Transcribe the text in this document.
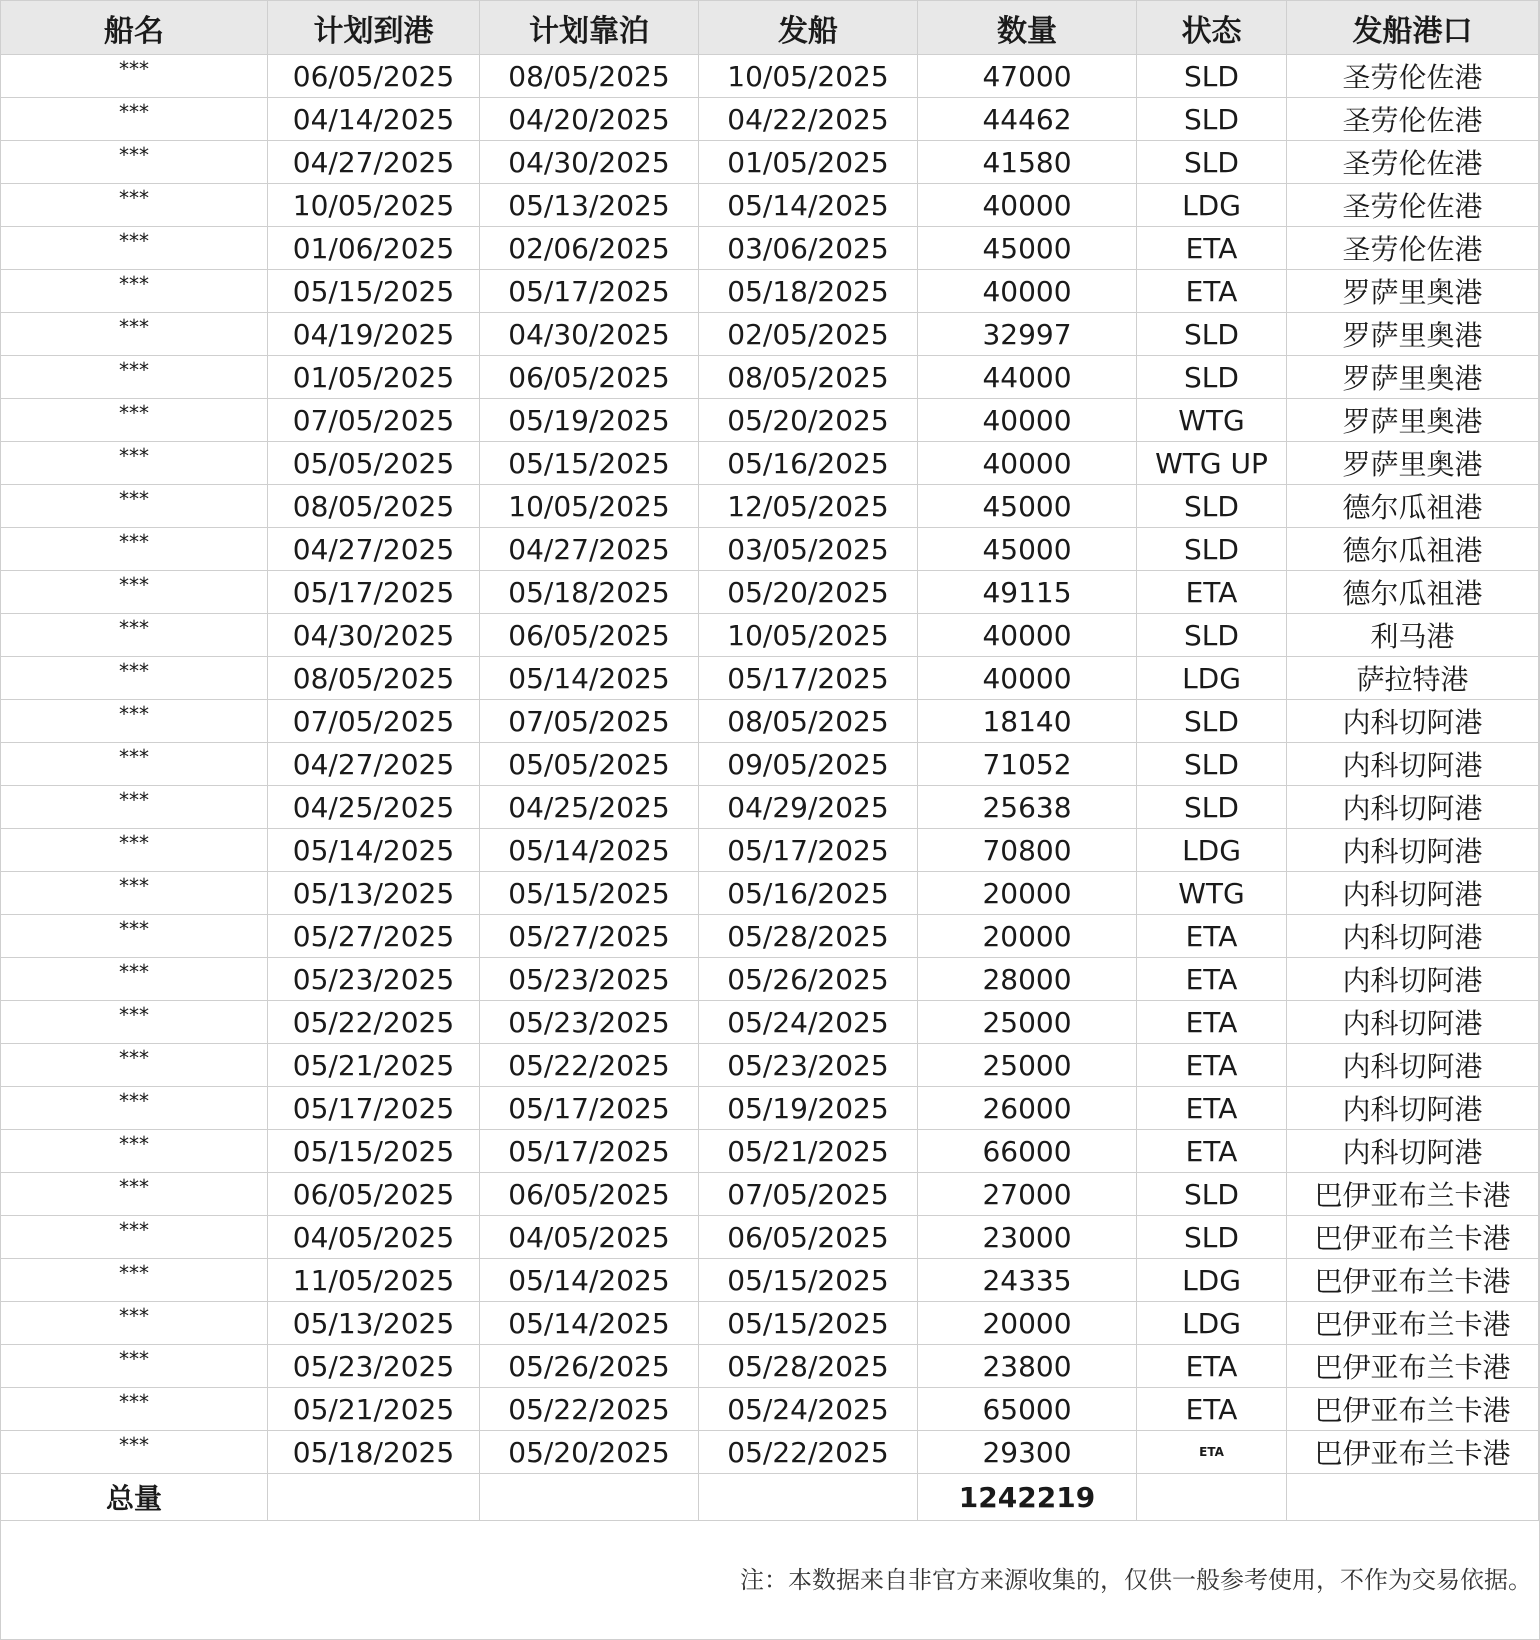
船名	计划到港	计划靠泊	发船	数量	状态	发船港口
***	06/05/2025	08/05/2025	10/05/2025	47000	SLD	圣劳伦佐港
***	04/14/2025	04/20/2025	04/22/2025	44462	SLD	圣劳伦佐港
***	04/27/2025	04/30/2025	01/05/2025	41580	SLD	圣劳伦佐港
***	10/05/2025	05/13/2025	05/14/2025	40000	LDG	圣劳伦佐港
***	01/06/2025	02/06/2025	03/06/2025	45000	ETA	圣劳伦佐港
***	05/15/2025	05/17/2025	05/18/2025	40000	ETA	罗萨里奥港
***	04/19/2025	04/30/2025	02/05/2025	32997	SLD	罗萨里奥港
***	01/05/2025	06/05/2025	08/05/2025	44000	SLD	罗萨里奥港
***	07/05/2025	05/19/2025	05/20/2025	40000	WTG	罗萨里奥港
***	05/05/2025	05/15/2025	05/16/2025	40000	WTG UP	罗萨里奥港
***	08/05/2025	10/05/2025	12/05/2025	45000	SLD	德尔瓜祖港
***	04/27/2025	04/27/2025	03/05/2025	45000	SLD	德尔瓜祖港
***	05/17/2025	05/18/2025	05/20/2025	49115	ETA	德尔瓜祖港
***	04/30/2025	06/05/2025	10/05/2025	40000	SLD	利马港
***	08/05/2025	05/14/2025	05/17/2025	40000	LDG	萨拉特港
***	07/05/2025	07/05/2025	08/05/2025	18140	SLD	内科切阿港
***	04/27/2025	05/05/2025	09/05/2025	71052	SLD	内科切阿港
***	04/25/2025	04/25/2025	04/29/2025	25638	SLD	内科切阿港
***	05/14/2025	05/14/2025	05/17/2025	70800	LDG	内科切阿港
***	05/13/2025	05/15/2025	05/16/2025	20000	WTG	内科切阿港
***	05/27/2025	05/27/2025	05/28/2025	20000	ETA	内科切阿港
***	05/23/2025	05/23/2025	05/26/2025	28000	ETA	内科切阿港
***	05/22/2025	05/23/2025	05/24/2025	25000	ETA	内科切阿港
***	05/21/2025	05/22/2025	05/23/2025	25000	ETA	内科切阿港
***	05/17/2025	05/17/2025	05/19/2025	26000	ETA	内科切阿港
***	05/15/2025	05/17/2025	05/21/2025	66000	ETA	内科切阿港
***	06/05/2025	06/05/2025	07/05/2025	27000	SLD	巴伊亚布兰卡港
***	04/05/2025	04/05/2025	06/05/2025	23000	SLD	巴伊亚布兰卡港
***	11/05/2025	05/14/2025	05/15/2025	24335	LDG	巴伊亚布兰卡港
***	05/13/2025	05/14/2025	05/15/2025	20000	LDG	巴伊亚布兰卡港
***	05/23/2025	05/26/2025	05/28/2025	23800	ETA	巴伊亚布兰卡港
***	05/21/2025	05/22/2025	05/24/2025	65000	ETA	巴伊亚布兰卡港
***	05/18/2025	05/20/2025	05/22/2025	29300	ETA	巴伊亚布兰卡港
总量				1242219		
注：本数据来自非官方来源收集的，仅供一般参考使用，不作为交易依据。
